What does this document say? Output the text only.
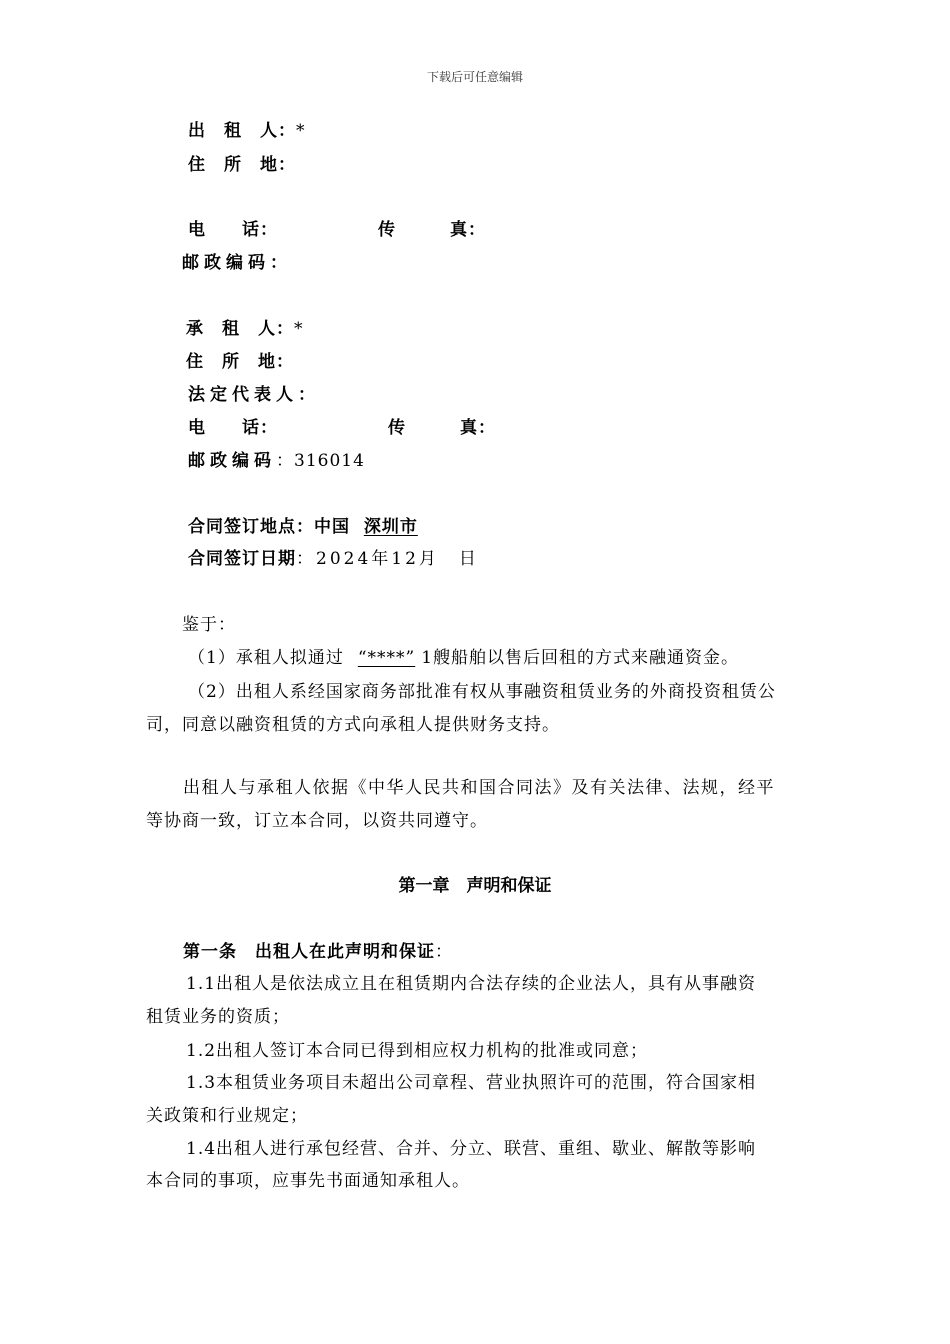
下载后可任意编辑
出　租　人：*
住　所　地：
电　　话：	传　　　真：
邮政编码：
承　租　人：*
住　所　地：
法定代表人：
电　　话：	传　　　真：
邮政编码：316014
合同签订地点：中国 深圳市
合同签订日期：2024年12月　日
鉴于：
（1）承租人拟通过 “****” 1艘船舶以售后回租的方式来融通资金。
（2）出租人系经国家商务部批准有权从事融资租赁业务的外商投资租赁公
司，同意以融资租赁的方式向承租人提供财务支持。
出租人与承租人依据《中华人民共和国合同法》及有关法律、法规，经平
等协商一致，订立本合同，以资共同遵守。
第一章　声明和保证
第一条　出租人在此声明和保证：
1.1出租人是依法成立且在租赁期内合法存续的企业法人，具有从事融资
租赁业务的资质；
1.2出租人签订本合同已得到相应权力机构的批准或同意；
1.3本租赁业务项目未超出公司章程、营业执照许可的范围，符合国家相
关政策和行业规定；
1.4出租人进行承包经营、合并、分立、联营、重组、歇业、解散等影响
本合同的事项，应事先书面通知承租人。
